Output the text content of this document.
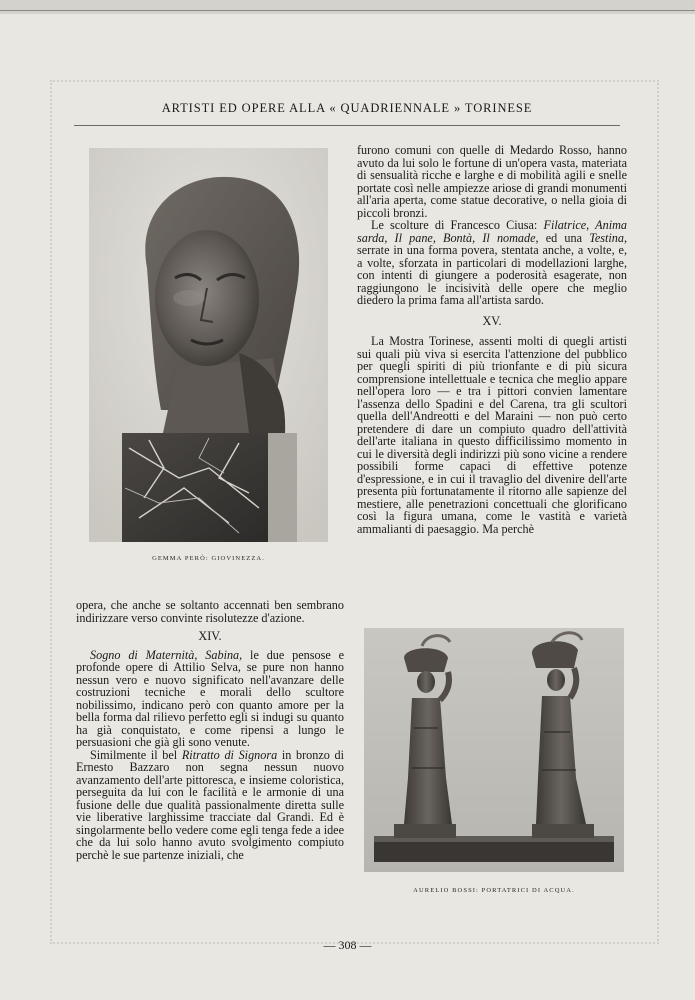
ARTISTI ED OPERE ALLA « QUADRIENNALE » TORINESE
GEMMA PERÒ: GIOVINEZZA.

opera, che anche se soltanto accennati ben sembrano indirizzare verso convinte risolutezze d'azione.

XIV.

Sogno di Maternità, Sabina, le due pensose e profonde opere di Attilio Selva, se pure non hanno nessun vero e nuovo significato nell'avanzare delle costruzioni tecniche e morali dello scultore nobilissimo, indicano però con quanto amore per la bella forma dal rilievo perfetto egli si indugi su quanto ha già conquistato, e come ripensi a lungo le persuasioni che già gli sono venute.

Similmente il bel Ritratto di Signora in bronzo di Ernesto Bazzaro non segna nessun nuovo avanzamento dell'arte pittoresca, e insieme coloristica, perseguita da lui con le facilità e le armonie di una fusione delle due qualità passionalmente diretta sulle vie liberative larghissime tracciate dal Grandi. Ed è singolarmente bello vedere come egli tenga fede a idee che da lui solo hanno avuto svolgimento compiuto perchè le sue partenze iniziali, che

furono comuni con quelle di Medardo Rosso, hanno avuto da lui solo le fortune di un'opera vasta, materiata di sensualità ricche e larghe e di mobilità agili e snelle portate così nelle ampiezze ariose di grandi monumenti all'aria aperta, come statue decorative, o nella gioia di piccoli bronzi.

Le scolture di Francesco Ciusa: Filatrice, Anima sarda, Il pane, Bontà, Il nomade, ed una Testina, serrate in una forma povera, stentata anche, a volte, e, a volte, sforzata in particolari di modellazioni larghe, con intenti di giungere a poderosità esagerate, non raggiungono le incisività delle opere che meglio diedero la prima fama all'artista sardo.

XV.

La Mostra Torinese, assenti molti di quegli artisti sui quali più viva si esercita l'attenzione del pubblico per quegli spiriti di più trionfante e di più sicura comprensione intellettuale e tecnica che meglio appare nell'opera loro — e tra i pittori convien lamentare l'assenza dello Spadini e del Carena, tra gli scultori quella dell'Andreotti e del Maraini — non può certo pretendere di dare un compiuto quadro dell'attività dell'arte italiana in questo difficilissimo momento in cui le diversità degli indirizzi più sono vicine a rendere possibili forme capaci di effettive potenze d'espressione, e in cui il travaglio del divenire dell'arte presenta più fortunatamente il ritorno alle sapienze del mestiere, alle penetrazioni concettuali che glorificano così la figura umana, come le vastità e varietà ammalianti di paesaggio. Ma perchè

AURELIO BOSSI: PORTATRICI DI ACQUA.
— 308 —
